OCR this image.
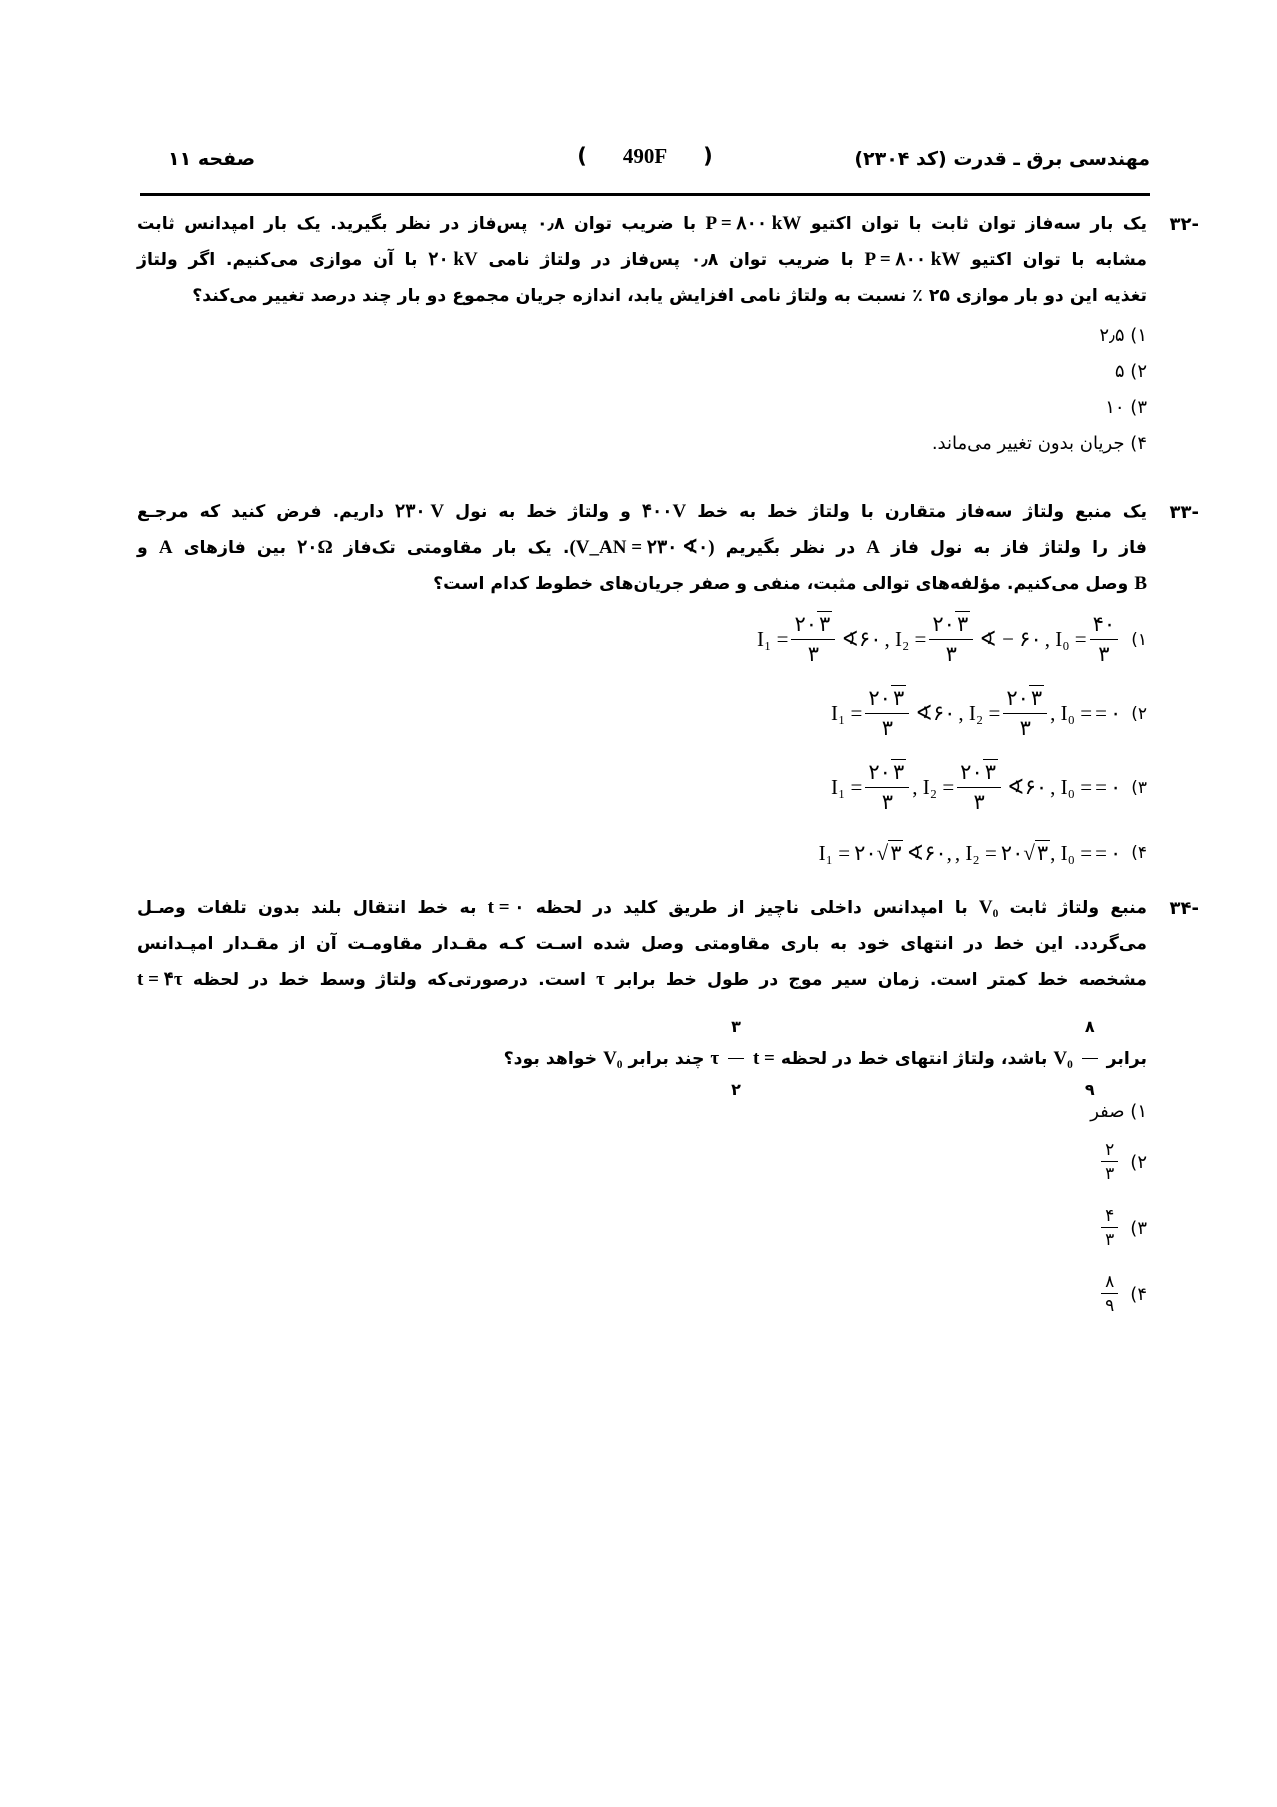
صفحه ۱۱	( 490F )	مهندسی برق ـ قدرت (کد ۲۳۰۴)
-۳۲
یک بار سه‌فاز توان ثابت با توان اکتیو P = ۸۰۰ kW با ضریب توان ۰٫۸ پس‌فاز در نظر بگیرید. یک بار امپدانس ثابت
مشابه با توان اکتیو P = ۸۰۰ kW با ضریب توان ۰٫۸ پس‌فاز در ولتاژ نامی ۲۰ kV با آن موازی می‌کنیم. اگر ولتاژ
تغذیه این دو بار موازی ۲۵ ٪ نسبت به ولتاژ نامی افزایش یابد، اندازه جریان مجموع دو بار چند درصد تغییر می‌کند؟
۱) ۲٫۵
۲) ۵
۳) ۱۰
۴) جریان بدون تغییر می‌ماند.
-۳۳
یک منبع ولتاژ سه‌فاز متقارن با ولتاژ خط به خط ۴۰۰V و ولتاژ خط به نول ۲۳۰ V داریم. فرض کنید که مرجـع
فاز را ولتاژ فاز به نول فاز A در نظر بگیریم (V_AN = ۲۳۰ ∢۰). یک بار مقاومتی تک‌فاز ۲۰Ω بین فازهای A و
B وصل می‌کنیم. مؤلفه‌های توالی مثبت، منفی و صفر جریان‌های خطوط کدام است؟
$I_1 = \frac{۲۰۳}{۳}$ ∢۶۰ , $I_2 = \frac{۲۰۳}{۳}$ ∢ − ۶۰ , $I_0 = \frac{۴۰}{۳}$ ۱)
$I_1 = \frac{۲۰۳}{۳}$ ∢۶۰ , $I_2 = \frac{۲۰۳}{۳}$ , I₀ = = ۰ ۲)
$I_1 = \frac{۲۰۳}{۳}$ , $I_2 = \frac{۲۰۳}{۳}$ ∢۶۰ , I₀ = = ۰ ۳)
I₁ = ۲۰ √ ۳ ∢۶۰, , I₂ = ۲۰ √ ۳ , I₀ = = ۰ ۴)
-۳۴
منبع ولتاژ ثابت V₀ با امپدانس داخلی ناچیز از طریق کلید در لحظه t = ۰ به خط انتقال بلند بدون تلفات وصـل
می‌گردد. این خط در انتهای خود به باری مقاومتی وصل شده اسـت کـه مقـدار مقاومـت آن از مقـدار امپـدانس
مشخصه خط کمتر است. زمان سیر موج در طول خط برابر τ است. درصورتی‌که ولتاژ وسط خط در لحظه t = ۴τ
برابر
$\frac{۸}{۹}$
V₀
باشد، ولتاژ انتهای خط در لحظه
t =
$\frac{۳}{۲}$
τ
چند برابر
V₀
خواهد بود؟
۱) صفر
۲)
$\frac{۲}{۳}$
۳)
$\frac{۴}{۳}$
۴)
$\frac{۸}{۹}$
